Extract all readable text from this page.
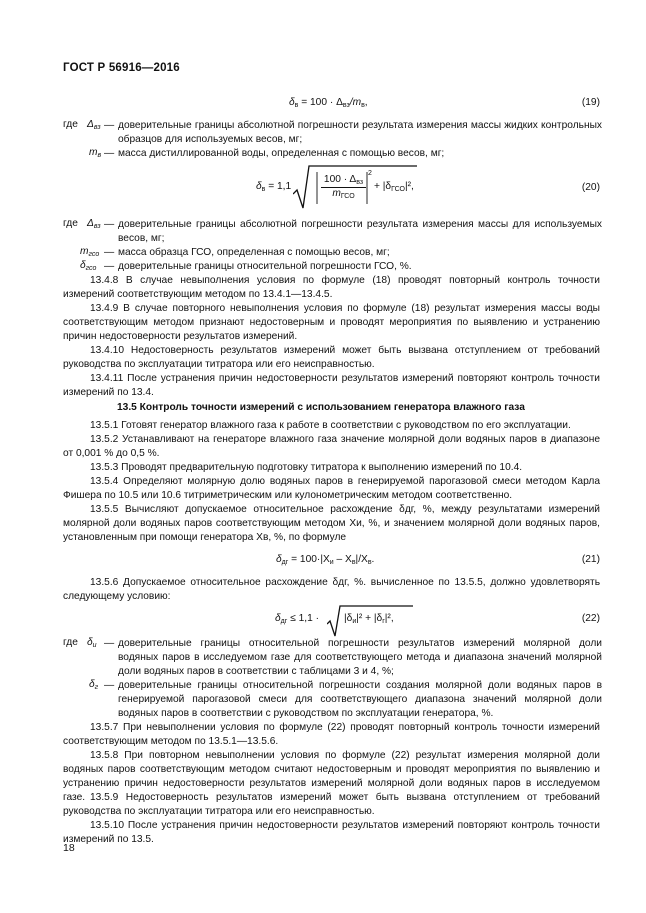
ГОСТ Р 56916—2016
$\delta_в = 100 \cdot \Delta_{вз}/m_в$,	(19)
где $\Delta_{вз}$ — доверительные границы абсолютной погрешности результата измерения массы жидких контрольных образцов для используемых весов, мг;
$m_в$ — масса дистиллированной воды, определенная с помощью весов, мг;
$\delta_в = 1,1$
$100 \cdot \Delta_{вз}$
$m_{ГСО}$
2
+ $|\delta_{ГСО}|^2$,	(20)
где $\Delta_{вз}$ — доверительные границы абсолютной погрешности результата измерения массы для используемых весов, мг;
$m_{гсо}$ — масса образца ГСО, определенная с помощью весов, мг;
$\delta_{гсо}$ — доверительные границы относительной погрешности ГСО, %.
13.4.8 В случае невыполнения условия по формуле (18) проводят повторный контроль точности измерений соответствующим методом по 13.4.1—13.4.5.
13.4.9 В случае повторного невыполнения условия по формуле (18) результат измерения массы воды соответствующим методом признают недостоверным и проводят мероприятия по выявлению и устранению причин недостоверности результатов измерений.
13.4.10 Недостоверность результатов измерений может быть вызвана отступлением от требований руководства по эксплуатации титратора или его неисправностью.
13.4.11 После устранения причин недостоверности результатов измерений повторяют контроль точности измерений по 13.4.
13.5 Контроль точности измерений с использованием генератора влажного газа
13.5.1 Готовят генератор влажного газа к работе в соответствии с руководством по его эксплуатации.
13.5.2 Устанавливают на генераторе влажного газа значение молярной доли водяных паров в диапазоне от 0,001 % до 0,5 %.
13.5.3 Проводят предварительную подготовку титратора к выполнению измерений по 10.4.
13.5.4 Определяют молярную долю водяных паров в генерируемой парогазовой смеси методом Карла Фишера по 10.5 или 10.6 титриметрическим или кулонометрическим методом соответственно.
13.5.5 Вычисляют допускаемое относительное расхождение δдг, %, между результатами измерений молярной доли водяных паров соответствующим методом Xи, %, и значением молярной доли водяных паров, установленным при помощи генератора Xв, %, по формуле
$\delta_{дг} = 100\cdot|X_и - X_в|/X_в$.	(21)
13.5.6 Допускаемое относительное расхождение δдг, %. вычисленное по 13.5.5, должно удовлетворять следующему условию:
$\delta_{дг} \le 1,1 \cdot |\delta_и|^2 + |\delta_г|^2$,	(22)
где $\delta_и$ — доверительные границы относительной погрешности результатов измерений молярной доли водяных паров в исследуемом газе для соответствующего метода и диапазона значений молярной доли водяных паров в соответствии с таблицами 3 и 4, %;
$\delta_г$ — доверительные границы относительной погрешности создания молярной доли водяных паров в генерируемой парогазовой смеси для соответствующего диапазона значений молярной доли водяных паров в соответствии с руководством по эксплуатации генератора, %.
13.5.7 При невыполнении условия по формуле (22) проводят повторный контроль точности измерений соответствующим методом по 13.5.1—13.5.6.
13.5.8 При повторном невыполнении условия по формуле (22) результат измерения молярной доли водяных паров соответствующим методом считают недостоверным и проводят мероприятия по выявлению и устранению причин недостоверности результатов измерений молярной доли водяных паров в исследуемом газе. 13.5.9 Недостоверность результатов измерений может быть вызвана отступлением от требований руководства по эксплуатации титратора или его неисправностью.
13.5.10 После устранения причин недостоверности результатов измерений повторяют контроль точности измерений по 13.5.
18
